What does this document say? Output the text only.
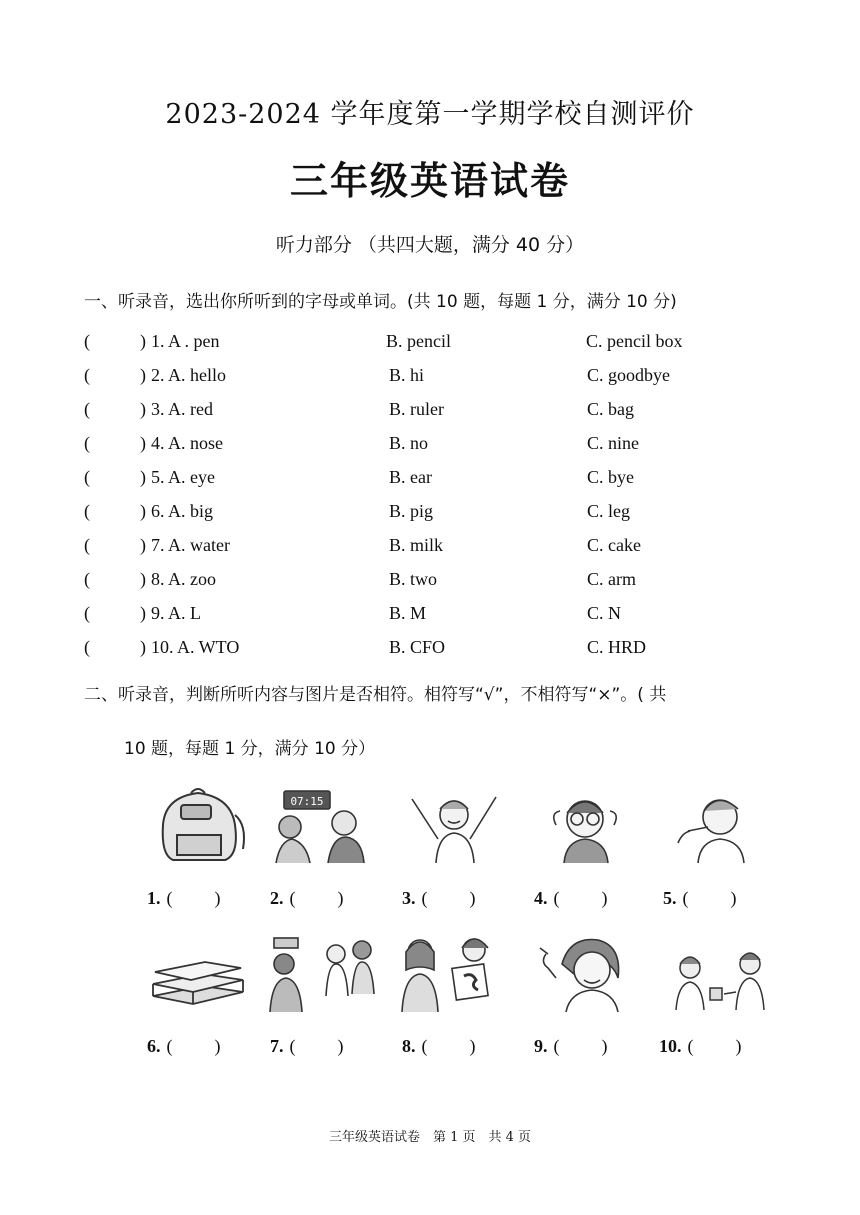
2023-2024 学年度第一学期学校自测评价
三年级英语试卷
听力部分 （共四大题，满分 40 分）
一、听录音，选出你所听到的字母或单词。(共 10 题，每题 1 分，满分 10 分)
(	) 1. A . pen	B. pencil	C. pencil box
(	) 2. A. hello	B. hi	C. goodbye
(	) 3. A. red	B. ruler	C. bag
(	) 4. A. nose	B. no	C. nine
(	) 5. A. eye	B. ear	C. bye
(	) 6. A. big	B. pig	C. leg
(	) 7. A. water	B. milk	C. cake
(	) 8. A. zoo	B. two	C. arm
(	) 9. A. L	B. M	C. N
(	) 10. A. WTO	B. CFO	C. HRD
二、听录音，判断所听内容与图片是否相符。相符写“√”，不相符写“×”。( 共
10 题，每题 1 分，满分 10 分）
07:15
1. ( )	2. ( )	3. ( )	4. ( )	5. ( )
6. ( )	7. ( )	8. ( )	9. ( )	10. ( )
三年级英语试卷　第 1 页　共 4 页
